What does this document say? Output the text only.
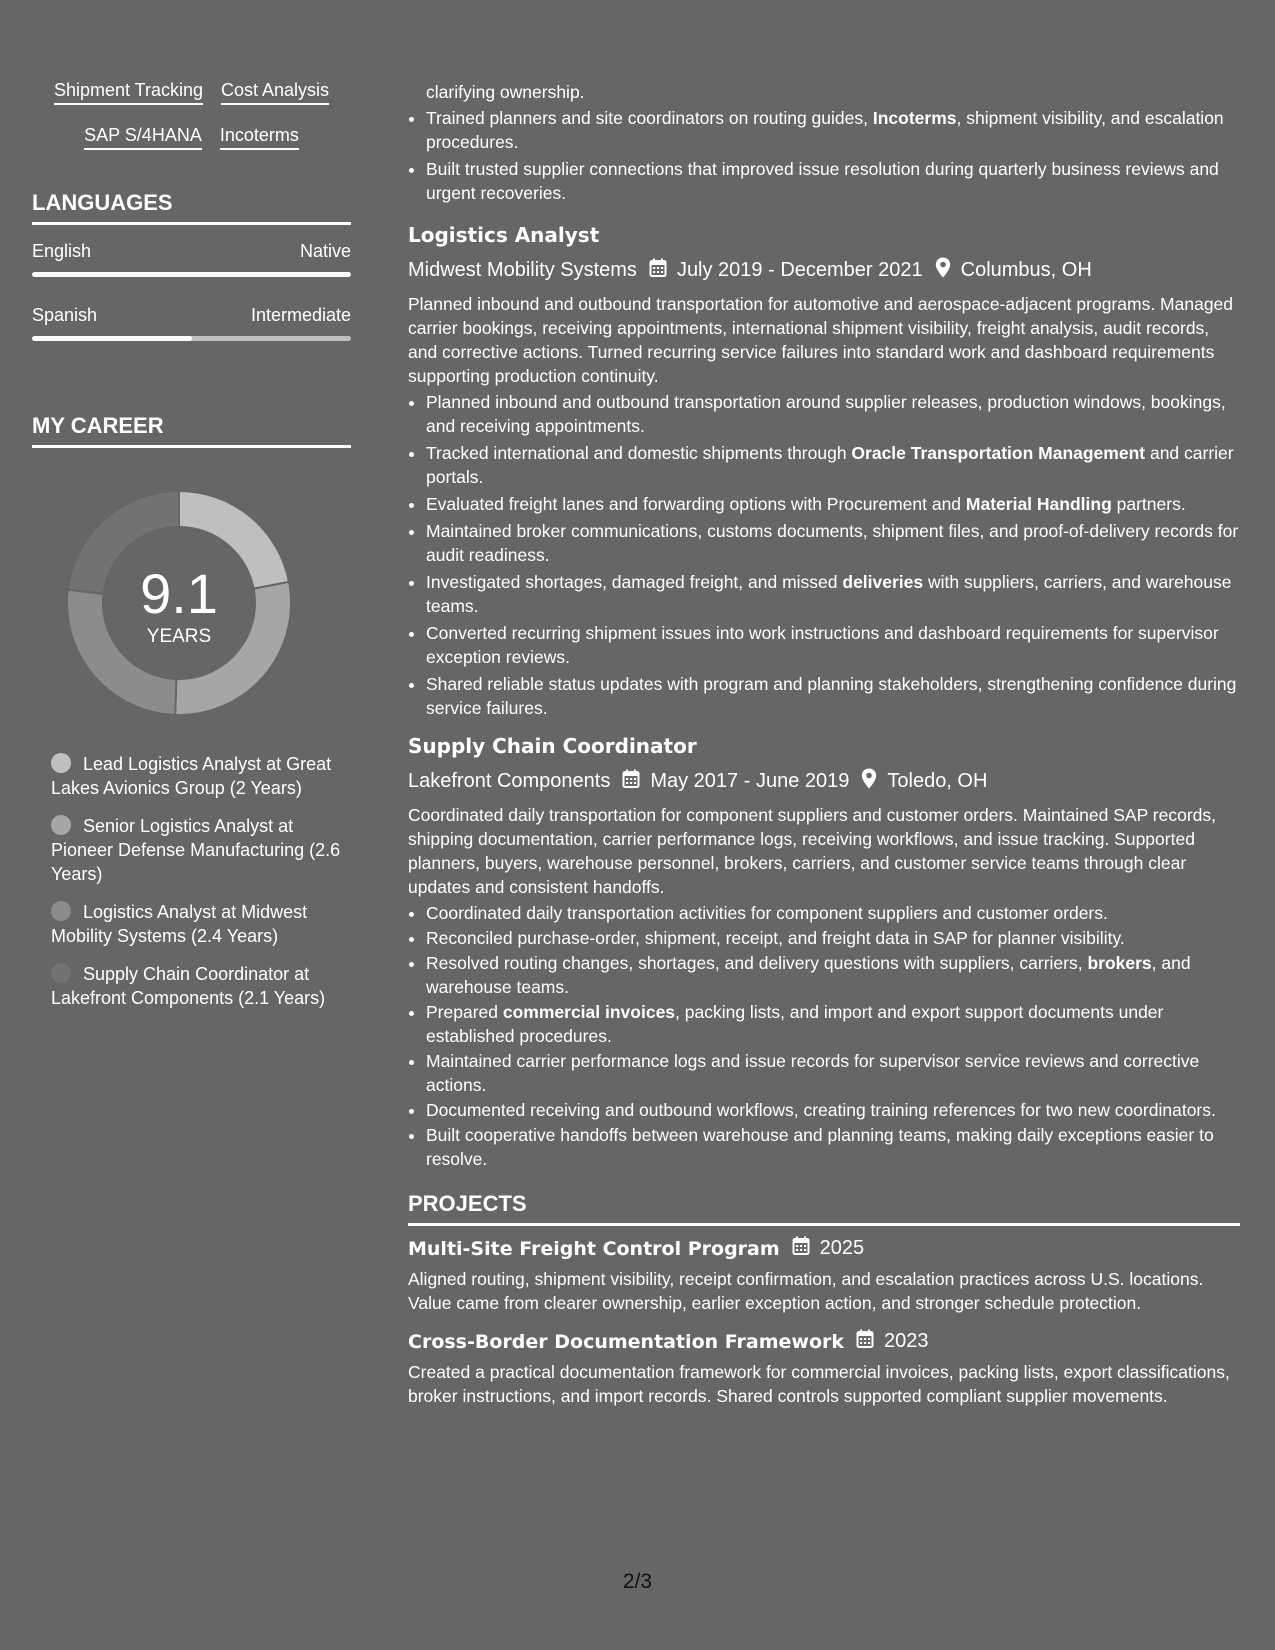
Shipment Tracking Cost Analysis
SAP S/4HANA Incoterms
LANGUAGES
English	Native
Spanish	Intermediate
MY CAREER
9.1
YEARS
Lead Logistics Analyst at Great Lakes Avionics Group (2 Years)
Senior Logistics Analyst at Pioneer Defense Manufacturing (2.6 Years)
Logistics Analyst at Midwest Mobility Systems (2.4 Years)
Supply Chain Coordinator at Lakefront Components (2.1 Years)
clarifying ownership.
• Trained planners and site coordinators on routing guides, Incoterms, shipment visibility, and escalation procedures.
• Built trusted supplier connections that improved issue resolution during quarterly business reviews and urgent recoveries.
Logistics Analyst
Midwest Mobility Systems July 2019 - December 2021 Columbus, OH

Planned inbound and outbound transportation for automotive and aerospace-adjacent programs. Managed carrier bookings, receiving appointments, international shipment visibility, freight analysis, audit records, and corrective actions. Turned recurring service failures into standard work and dashboard requirements supporting production continuity.

• Planned inbound and outbound transportation around supplier releases, production windows, bookings, and receiving appointments.
• Tracked international and domestic shipments through Oracle Transportation Management and carrier portals.
• Evaluated freight lanes and forwarding options with Procurement and Material Handling partners.
• Maintained broker communications, customs documents, shipment files, and proof-of-delivery records for audit readiness.
• Investigated shortages, damaged freight, and missed deliveries with suppliers, carriers, and warehouse teams.
• Converted recurring shipment issues into work instructions and dashboard requirements for supervisor exception reviews.
• Shared reliable status updates with program and planning stakeholders, strengthening confidence during service failures.
Supply Chain Coordinator
Lakefront Components May 2017 - June 2019 Toledo, OH

Coordinated daily transportation for component suppliers and customer orders. Maintained SAP records, shipping documentation, carrier performance logs, receiving workflows, and issue tracking. Supported planners, buyers, warehouse personnel, brokers, carriers, and customer service teams through clear updates and consistent handoffs.

• Coordinated daily transportation activities for component suppliers and customer orders.
• Reconciled purchase-order, shipment, receipt, and freight data in SAP for planner visibility.
• Resolved routing changes, shortages, and delivery questions with suppliers, carriers, brokers, and warehouse teams.
• Prepared commercial invoices, packing lists, and import and export support documents under established procedures.
• Maintained carrier performance logs and issue records for supervisor service reviews and corrective actions.
• Documented receiving and outbound workflows, creating training references for two new coordinators.
• Built cooperative handoffs between warehouse and planning teams, making daily exceptions easier to resolve.
PROJECTS
Multi-Site Freight Control Program 2025

Aligned routing, shipment visibility, receipt confirmation, and escalation practices across U.S. locations. Value came from clearer ownership, earlier exception action, and stronger schedule protection.

Cross-Border Documentation Framework 2023

Created a practical documentation framework for commercial invoices, packing lists, export classifications, broker instructions, and import records. Shared controls supported compliant supplier movements.

2/3
